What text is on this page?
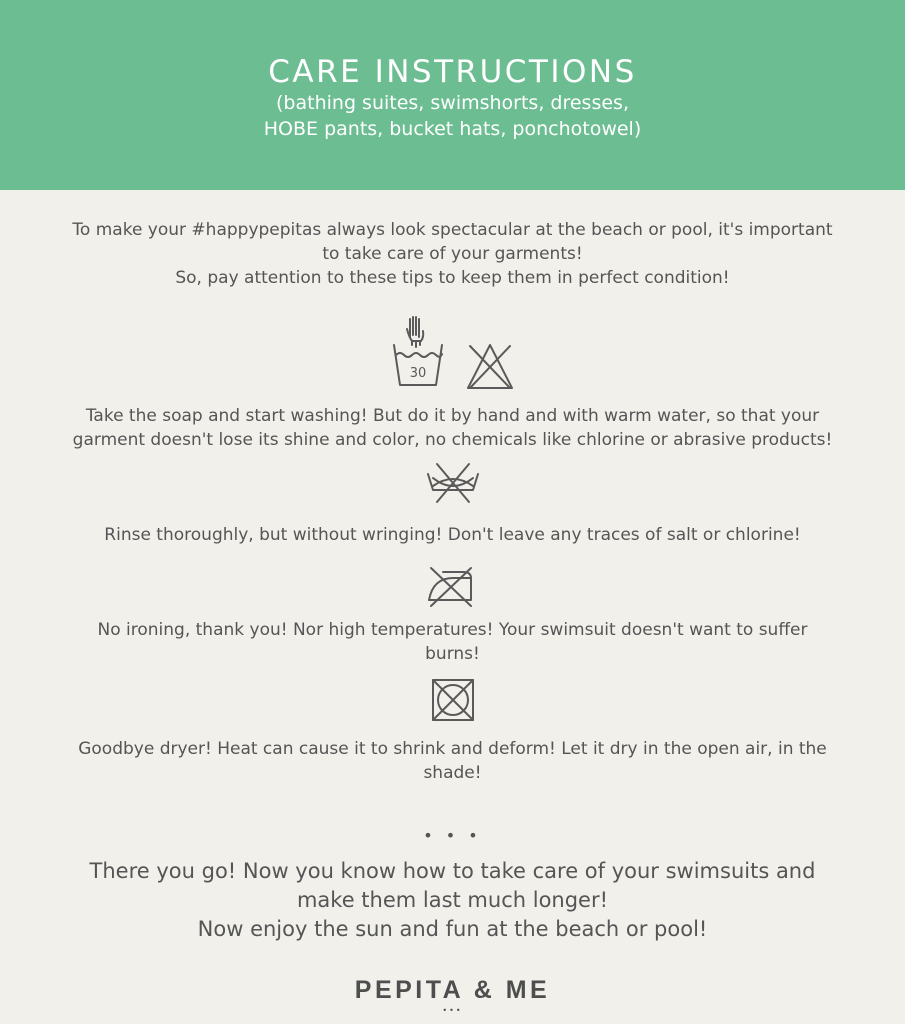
CARE INSTRUCTIONS
(bathing suites, swimshorts, dresses,
HOBE pants, bucket hats, ponchotowel)
To make your #happypepitas always look spectacular at the beach or pool, it's important
to take care of your garments!
So, pay attention to these tips to keep them in perfect condition!
30
Take the soap and start washing! But do it by hand and with warm water, so that your
garment doesn't lose its shine and color, no chemicals like chlorine or abrasive products!
Rinse thoroughly, but without wringing! Don't leave any traces of salt or chlorine!
No ironing, thank you! Nor high temperatures! Your swimsuit doesn't want to suffer
burns!
Goodbye dryer! Heat can cause it to shrink and deform! Let it dry in the open air, in the
shade!
• • •
There you go! Now you know how to take care of your swimsuits and
make them last much longer!
Now enjoy the sun and fun at the beach or pool!
PEPITA & ME
•••
